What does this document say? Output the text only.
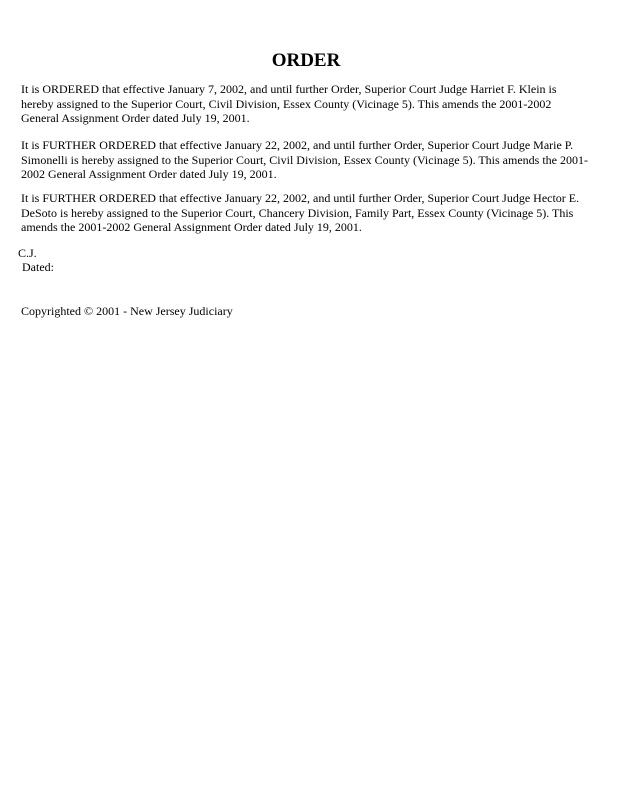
ORDER
It is ORDERED that effective January 7, 2002, and until further Order, Superior Court Judge Harriet F. Klein is hereby assigned to the Superior Court, Civil Division, Essex County (Vicinage 5). This amends the 2001-2002 General Assignment Order dated July 19, 2001.
It is FURTHER ORDERED that effective January 22, 2002, and until further Order, Superior Court Judge Marie P. Simonelli is hereby assigned to the Superior Court, Civil Division, Essex County (Vicinage 5). This amends the 2001-2002 General Assignment Order dated July 19, 2001.
It is FURTHER ORDERED that effective January 22, 2002, and until further Order, Superior Court Judge Hector E. DeSoto is hereby assigned to the Superior Court, Chancery Division, Family Part, Essex County (Vicinage 5). This amends the 2001-2002 General Assignment Order dated July 19, 2001.
C.J.
Dated:
Copyrighted © 2001 - New Jersey Judiciary
